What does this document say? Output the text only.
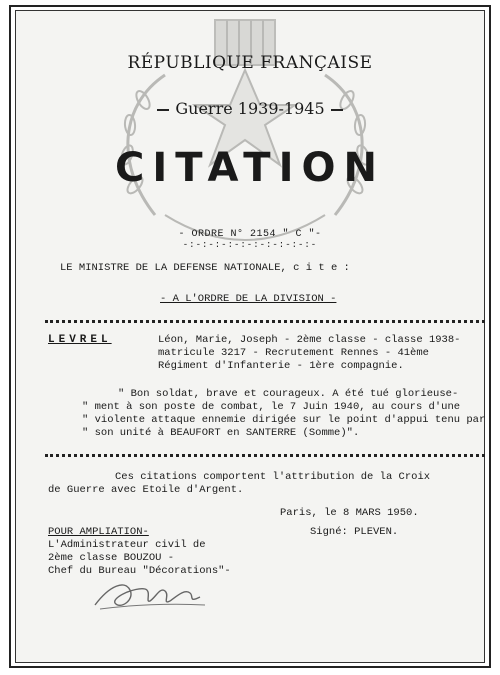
RÉPUBLIQUE FRANÇAISE
Guerre 1939-1945
CITATION
- ORDRE N° 2154 " C "-
-:-:-:-:-:-:-:-:-:-:-
LE MINISTRE DE LA DEFENSE NATIONALE, c i t e :
- A L'ORDRE DE LA DIVISION -
LEVREL	Léon, Marie, Joseph - 2ème classe - classe 1938-
matricule 3217 - Recrutement Rennes - 41ème
Régiment d'Infanterie - 1ère compagnie.
" Bon soldat, brave et courageux. A été tué glorieuse-
" ment à son poste de combat, le 7 Juin 1940, au cours d'une
" violente attaque ennemie dirigée sur le point d'appui tenu par
" son unité à BEAUFORT en SANTERRE (Somme)".
Ces citations comportent l'attribution de la Croix
de Guerre avec Etoile d'Argent.
Paris, le 8 MARS 1950.
POUR AMPLIATION-	Signé: PLEVEN.
L'Administrateur civil de
2ème classe BOUZOU -
Chef du Bureau "Décorations"-
